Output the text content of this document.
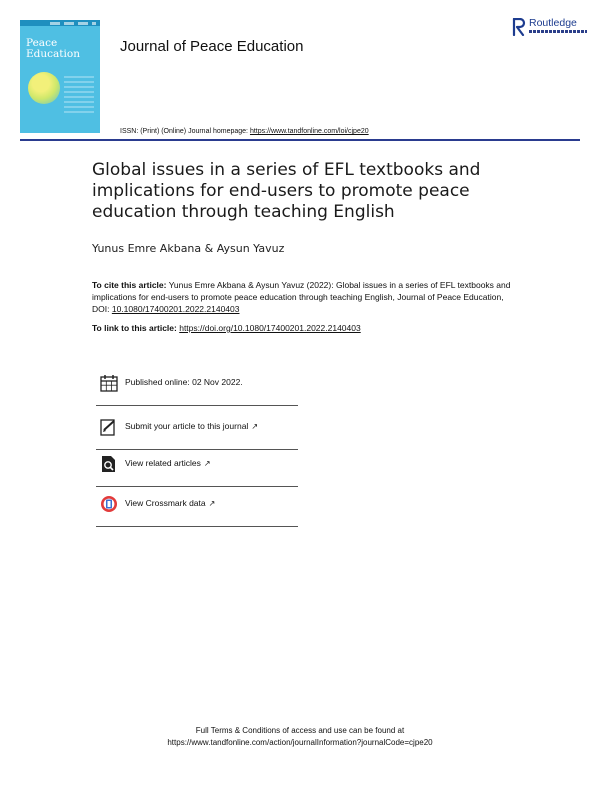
Peace
Education	Journal of Peace Education
Routledge
ISSN: (Print) (Online) Journal homepage: https://www.tandfonline.com/loi/cjpe20
Global issues in a series of EFL textbooks and implications for end-users to promote peace education through teaching English
Yunus Emre Akbana & Aysun Yavuz
To cite this article: Yunus Emre Akbana & Aysun Yavuz (2022): Global issues in a series of EFL textbooks and implications for end-users to promote peace education through teaching English, Journal of Peace Education, DOI: 10.1080/17400201.2022.2140403
To link to this article: https://doi.org/10.1080/17400201.2022.2140403
Published online: 02 Nov 2022.
Submit your article to this journal ↗
View related articles ↗
View Crossmark data ↗
Full Terms & Conditions of access and use can be found at
https://www.tandfonline.com/action/journalInformation?journalCode=cjpe20
